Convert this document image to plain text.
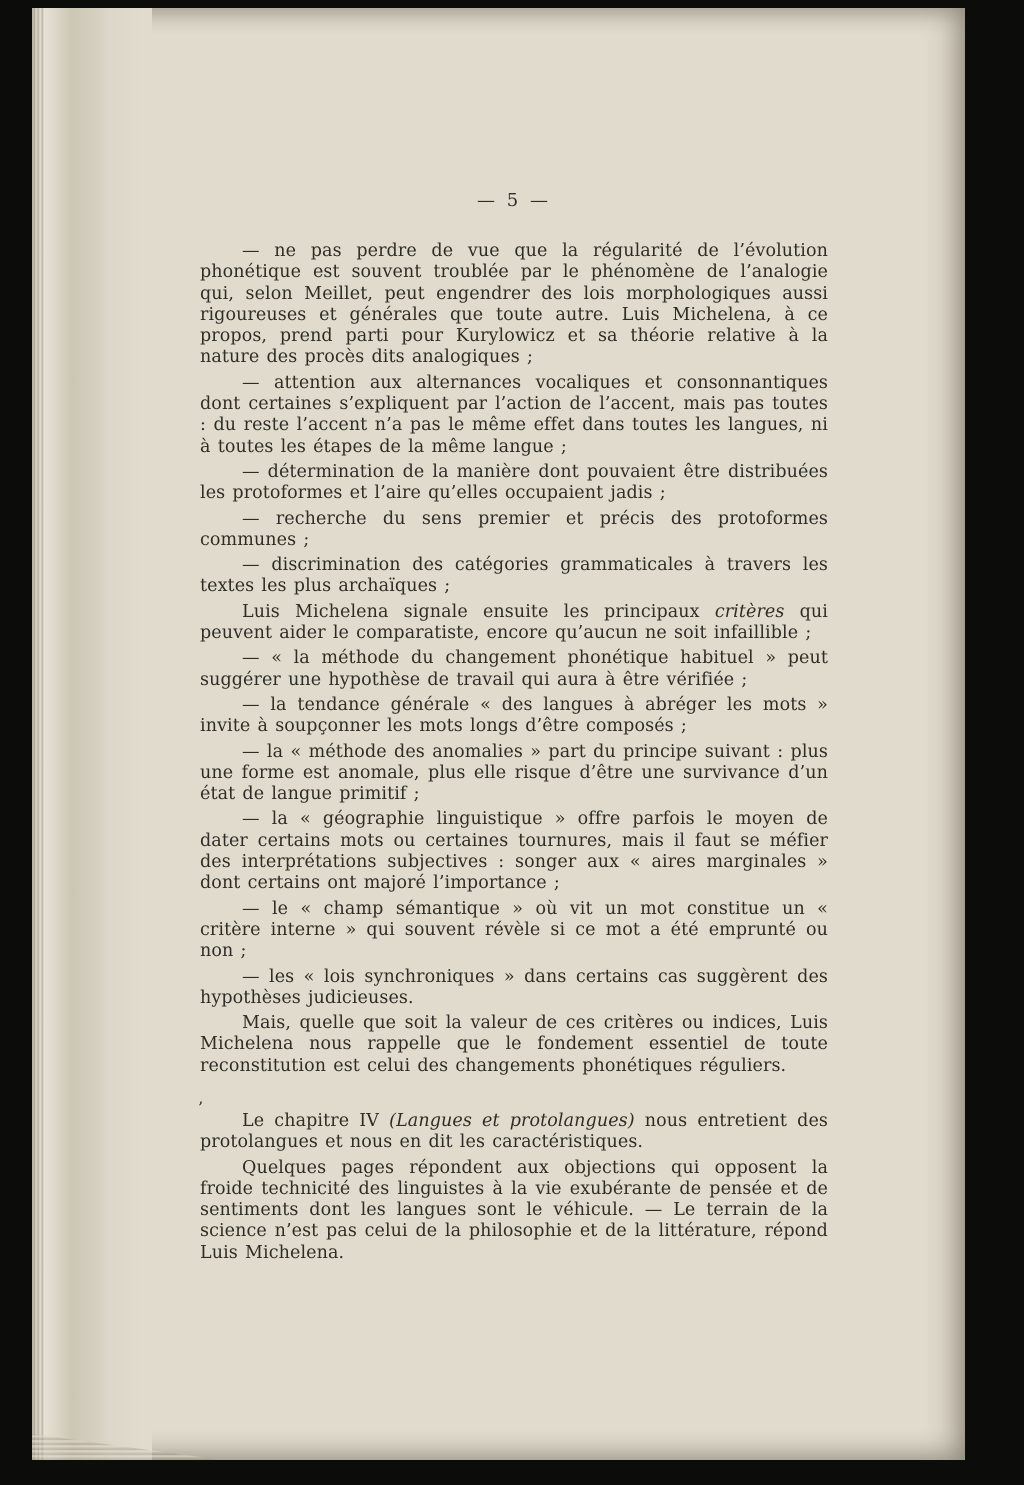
— 5 —

— ne pas perdre de vue que la régularité de l’évolution phonétique est souvent troublée par le phénomène de l’analogie qui, selon Meillet, peut engendrer des lois morphologiques aussi rigoureuses et générales que toute autre. Luis Michelena, à ce propos, prend parti pour Kurylowicz et sa théorie relative à la nature des procès dits analogiques ;

— attention aux alternances vocaliques et consonnantiques dont certaines s’expliquent par l’action de l’accent, mais pas toutes : du reste l’accent n’a pas le même effet dans toutes les langues, ni à toutes les étapes de la même langue ;

— détermination de la manière dont pouvaient être distribuées les protoformes et l’aire qu’elles occupaient jadis ;

— recherche du sens premier et précis des protoformes communes ;

— discrimination des catégories grammaticales à travers les textes les plus archaïques ;

Luis Michelena signale ensuite les principaux critères qui peuvent aider le comparatiste, encore qu’aucun ne soit infaillible ;

— « la méthode du changement phonétique habituel » peut suggérer une hypothèse de travail qui aura à être vérifiée ;

— la tendance générale « des langues à abréger les mots » invite à soupçonner les mots longs d’être composés ;

— la « méthode des anomalies » part du principe suivant : plus une forme est anomale, plus elle risque d’être une survivance d’un état de langue primitif ;

— la « géographie linguistique » offre parfois le moyen de dater certains mots ou certaines tournures, mais il faut se méfier des interprétations subjectives : songer aux « aires marginales » dont certains ont majoré l’importance ;

— le « champ sémantique » où vit un mot constitue un « critère interne » qui souvent révèle si ce mot a été emprunté ou non ;

— les « lois synchroniques » dans certains cas suggèrent des hypothèses judicieuses.

Mais, quelle que soit la valeur de ces critères ou indices, Luis Michelena nous rappelle que le fondement essentiel de toute reconstitution est celui des changements phonétiques réguliers.

Le chapitre IV (Langues et protolangues) nous entretient des protolangues et nous en dit les caractéristiques.

Quelques pages répondent aux objections qui opposent la froide technicité des linguistes à la vie exubérante de pensée et de sentiments dont les langues sont le véhicule. — Le terrain de la science n’est pas celui de la philosophie et de la littérature, répond Luis Michelena.

’
